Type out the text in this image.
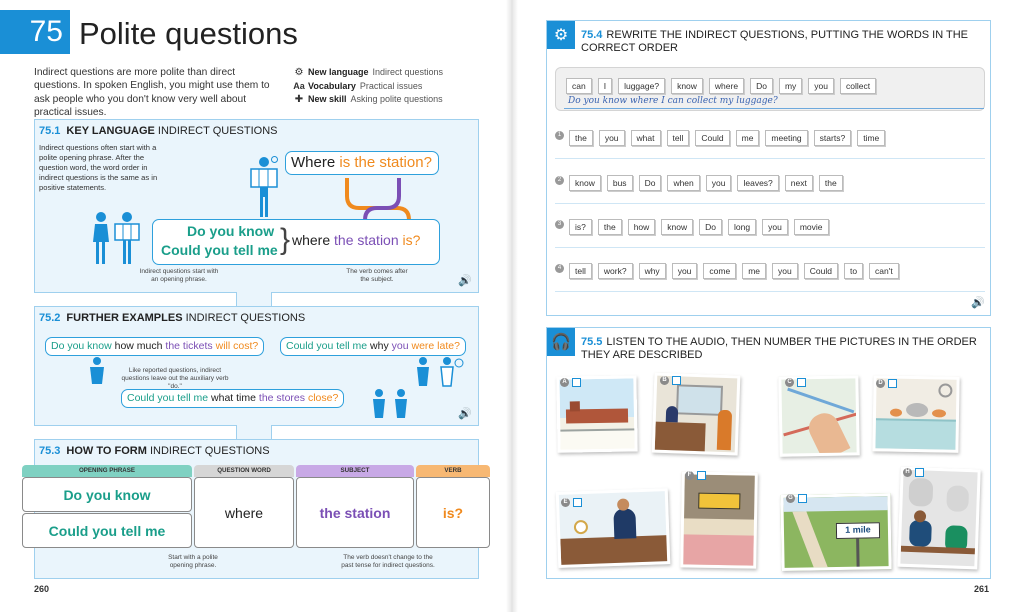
75 Polite questions
Indirect questions are more polite than direct questions. In spoken English, you might use them to ask people who you don't know very well about practical issues.
⚙ New language Indirect questions
Aa Vocabulary Practical issues
✚ New skill Asking polite questions
75.1 KEY LANGUAGE INDIRECT QUESTIONS
Indirect questions often start with a polite opening phrase. After the question word, the word order in indirect questions is the same as in positive statements.
Where is the station?
Do you know
Could you tell me } where the station is?
Indirect questions start with an opening phrase.
The verb comes after the subject.	🔊
75.2 FURTHER EXAMPLES INDIRECT QUESTIONS
Do you know how much the tickets will cost?	Could you tell me why you were late?
Could you tell me what time the stores close?
Like reported questions, indirect questions leave out the auxiliary verb "do."
🔊
75.3 HOW TO FORM INDIRECT QUESTIONS
OPENING PHRASE	QUESTION WORD	SUBJECT	VERB
Do you know
Could you tell me
where	the station	is?
Start with a polite opening phrase.
The verb doesn't change to the past tense for indirect questions.
260
⚙	75.4 REWRITE THE INDIRECT QUESTIONS, PUTTING THE WORDS IN THE CORRECT ORDER
can I luggage? know where Do my you collect
Do you know where I can collect my luggage?
1	the you what tell Could me meeting starts? time
2	know bus Do when you leaves? next the
3	is? the how know Do long you movie
4	tell work? why you come me you Could to can't
🔊
🎧 75.5 LISTEN TO THE AUDIO, THEN NUMBER THE PICTURES IN THE ORDER THEY ARE DESCRIBED
A	B	C	D
E
F
1 mile
G
H
261
